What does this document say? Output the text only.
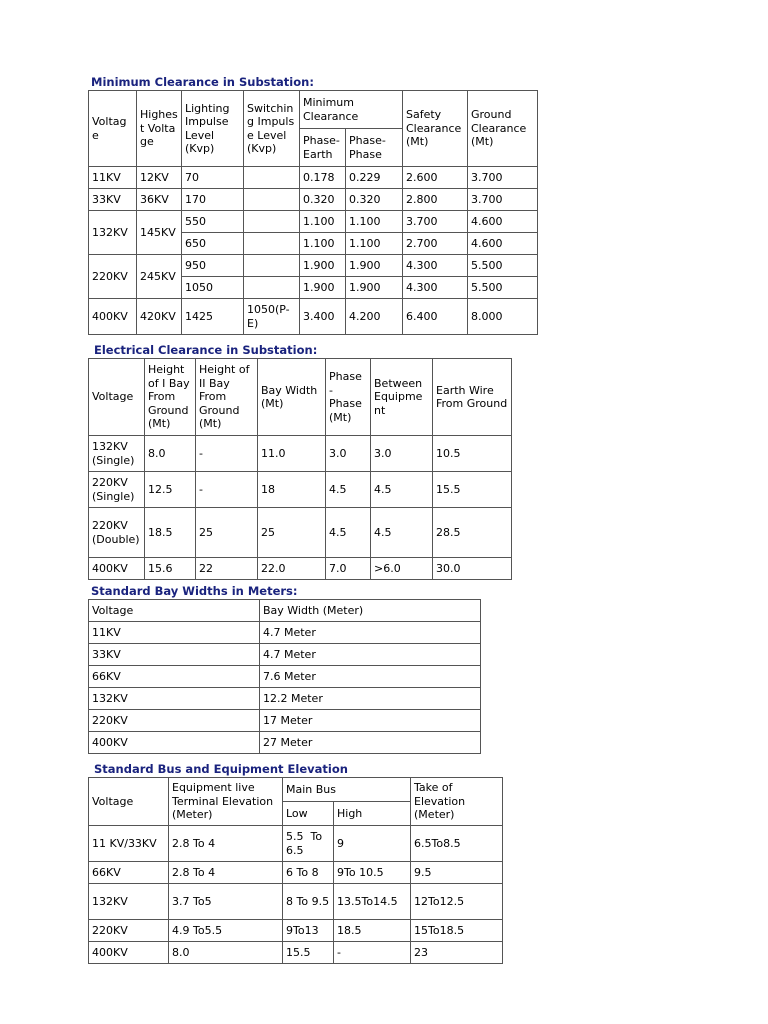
Minimum Clearance in Substation:
Voltage	Highest Voltage	Lighting Impulse Level (Kvp)	Switching Impulse Level (Kvp)	Minimum Clearance		Safety Clearance (Mt)	Ground Clearance (Mt)
				Phase-Earth	Phase-Phase		
11KV	12KV	70		0.178	0.229	2.600	3.700
33KV	36KV	170		0.320	0.320	2.800	3.700
132KV	145KV	550		1.100	1.100	3.700	4.600
		650		1.100	1.100	2.700	4.600
220KV	245KV	950		1.900	1.900	4.300	5.500
		1050		1.900	1.900	4.300	5.500
400KV	420KV	1425	1050(P-E)	3.400	4.200	6.400	8.000
Electrical Clearance in Substation:
Voltage	Height of I Bay From Ground (Mt)	Height of II Bay From Ground (Mt)	Bay Width (Mt)	Phase - Phase (Mt)	Between Equipment	Earth Wire From Ground
132KV (Single)	8.0	-	11.0	3.0	3.0	10.5
220KV (Single)	12.5	-	18	4.5	4.5	15.5
220KV (Double)	18.5	25	25	4.5	4.5	28.5
400KV	15.6	22	22.0	7.0	>6.0	30.0
Standard Bay Widths in Meters:
Voltage	Bay Width (Meter)
11KV	4.7 Meter
33KV	4.7 Meter
66KV	7.6 Meter
132KV	12.2 Meter
220KV	17 Meter
400KV	27 Meter
Standard Bus and Equipment Elevation
Voltage	Equipment live Terminal Elevation (Meter)	Main Bus		Take of Elevation (Meter)
		Low	High	
11 KV/33KV	2.8 To 4	5.5  To 6.5	9	6.5To8.5
66KV	2.8 To 4	6 To 8	9To 10.5	9.5
132KV	3.7 To5	8 To 9.5	13.5To14.5	12To12.5
220KV	4.9 To5.5	9To13	18.5	15To18.5
400KV	8.0	15.5	-	23
